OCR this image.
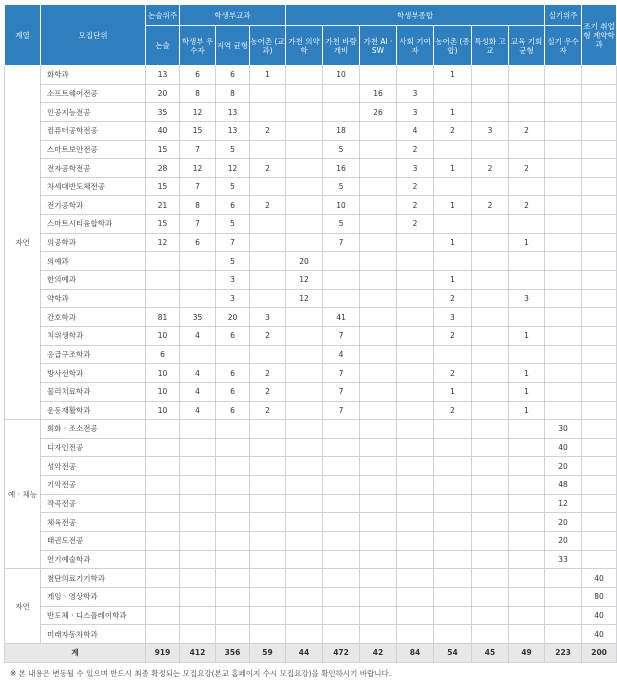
계열	모집단위	논술위주	학생부교과			학생부종합							실기위주	조기 취업형 계약학과
		논술	학생부 우수자	지역 균형	농어촌 (교과)	가천 의약학	가천 바람개비	가천 AI · SW	사회 기여자	농어촌 (종합)	특성화 고교	교육 기회 균형	실기 우수자	
자연	화학과	13	6	6	1		10			1				
	소프트웨어전공	20	8	8				16	3					
	인공지능전공	35	12	13				26	3	1				
	컴퓨터공학전공	40	15	13	2		18		4	2	3	2		
	스마트보안전공	15	7	5			5		2					
	전자공학전공	28	12	12	2		16		3	1	2	2		
	차세대반도체전공	15	7	5			5		2					
	전기공학과	21	8	6	2		10		2	1	2	2		
	스마트시티융합학과	15	7	5			5		2					
	의공학과	12	6	7			7			1		1		
	의예과			5		20								
	한의예과			3		12				1				
	약학과			3		12				2		3		
	간호학과	81	35	20	3		41			3				
	치위생학과	10	4	6	2		7			2		1		
	응급구조학과	6					4							
	방사선학과	10	4	6	2		7			2		1		
	물리치료학과	10	4	6	2		7			1		1		
	운동재활학과	10	4	6	2		7			2		1		
예 · 체능	회화 · 조소전공												30	
	디자인전공												40	
	성악전공												20	
	기악전공												48	
	작곡전공												12	
	체육전공												20	
	태권도전공												20	
	연기예술학과												33	
자연	첨단의료기기학과													40
	게임 · 영상학과													80
	반도체 · 디스플레이학과													40
	미래자동차학과													40
계		919	412	356	59	44	472	42	84	54	45	49	223	200
※ 본 내용은 변동될 수 있으며 반드시 최종 확정되는 모집요강(본교 홈페이지 수시 모집요강)을 확인하시기 바랍니다.
